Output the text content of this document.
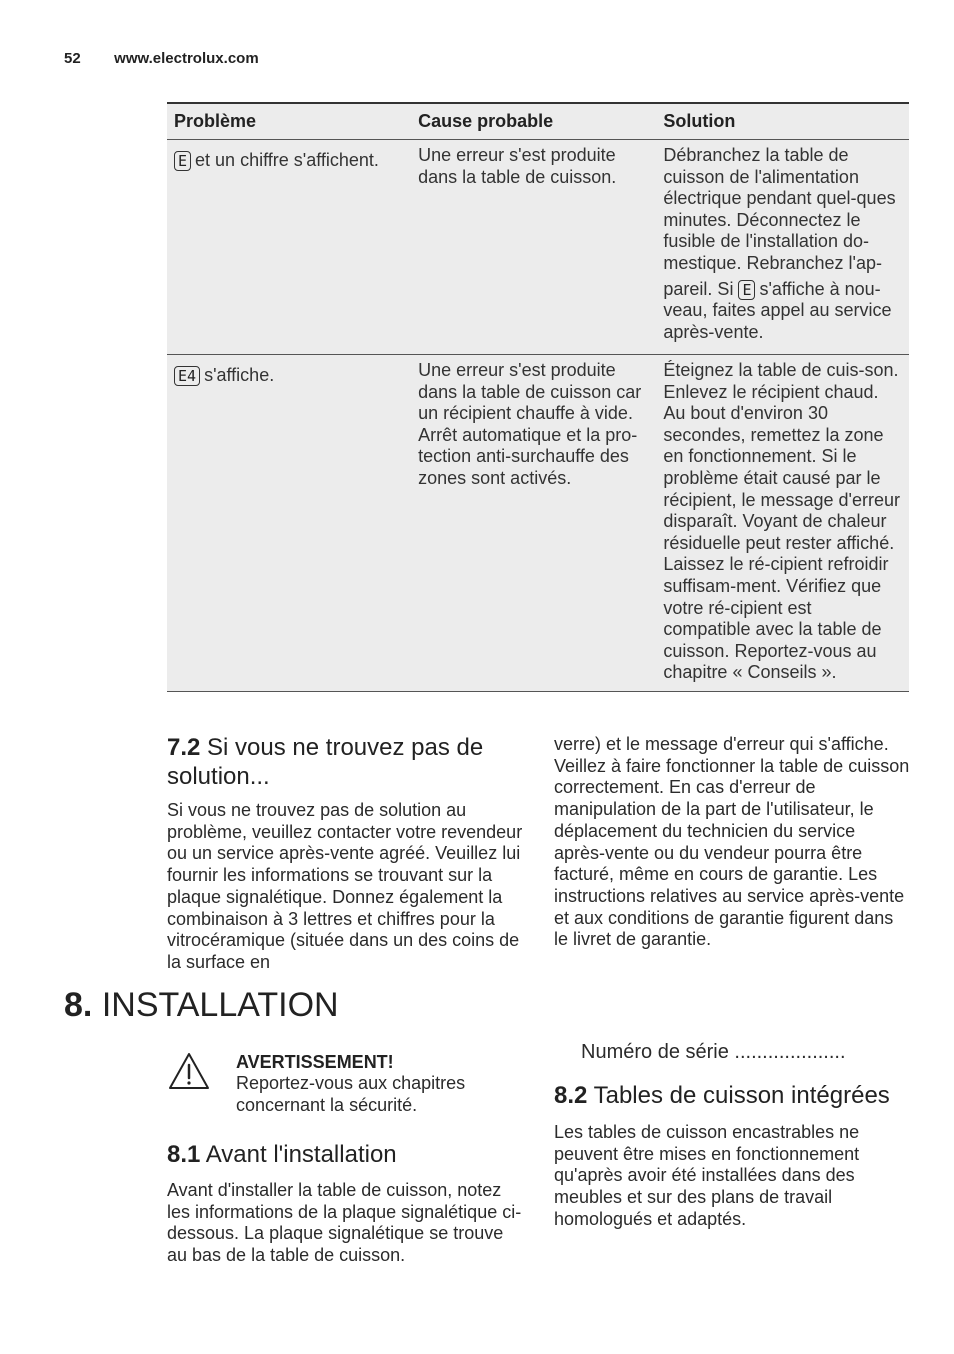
52 www.electrolux.com
Problème	Cause probable	Solution

E et un chiffre s'affichent.	Une erreur s'est produite dans la table de cuisson.	Débranchez la table de cuisson de l'alimentation électrique pendant quel-ques minutes. Déconnectez le fusible de l'installation do-mestique. Rebranchez l'ap-
pareil. Si E s'affiche à nou-veau, faites appel au service après-vente.

E4 s'affiche.	Une erreur s'est produite dans la table de cuisson car un récipient chauffe à vide. Arrêt automatique et la pro-tection anti-surchauffe des zones sont activés.	Éteignez la table de cuis-son. Enlevez le récipient chaud. Au bout d'environ 30 secondes, remettez la zone en fonctionnement. Si le problème était causé par le récipient, le message d'erreur disparaît. Voyant de chaleur résiduelle peut rester affiché. Laissez le ré-cipient refroidir suffisam-ment. Vérifiez que votre ré-cipient est compatible avec la table de cuisson. Reportez-vous au chapitre « Conseils ».
7.2 Si vous ne trouvez pas de solution...
Si vous ne trouvez pas de solution au problème, veuillez contacter votre revendeur ou un service après-vente agréé. Veuillez lui fournir les informations se trouvant sur la plaque signalétique. Donnez également la combinaison à 3 lettres et chiffres pour la vitrocéramique (située dans un des coins de la surface en
verre) et le message d'erreur qui s'affiche. Veillez à faire fonctionner la table de cuisson correctement. En cas d'erreur de manipulation de la part de l'utilisateur, le déplacement du technicien du service après-vente ou du vendeur pourra être facturé, même en cours de garantie. Les instructions relatives au service après-vente et aux conditions de garantie figurent dans le livret de garantie.
8. INSTALLATION
AVERTISSEMENT!
Reportez-vous aux chapitres concernant la sécurité.
8.1 Avant l'installation
Avant d'installer la table de cuisson, notez les informations de la plaque signalétique ci-dessous. La plaque signalétique se trouve au bas de la table de cuisson.
Numéro de série ....................
8.2 Tables de cuisson intégrées
Les tables de cuisson encastrables ne peuvent être mises en fonctionnement qu'après avoir été installées dans des meubles et sur des plans de travail homologués et adaptés.
